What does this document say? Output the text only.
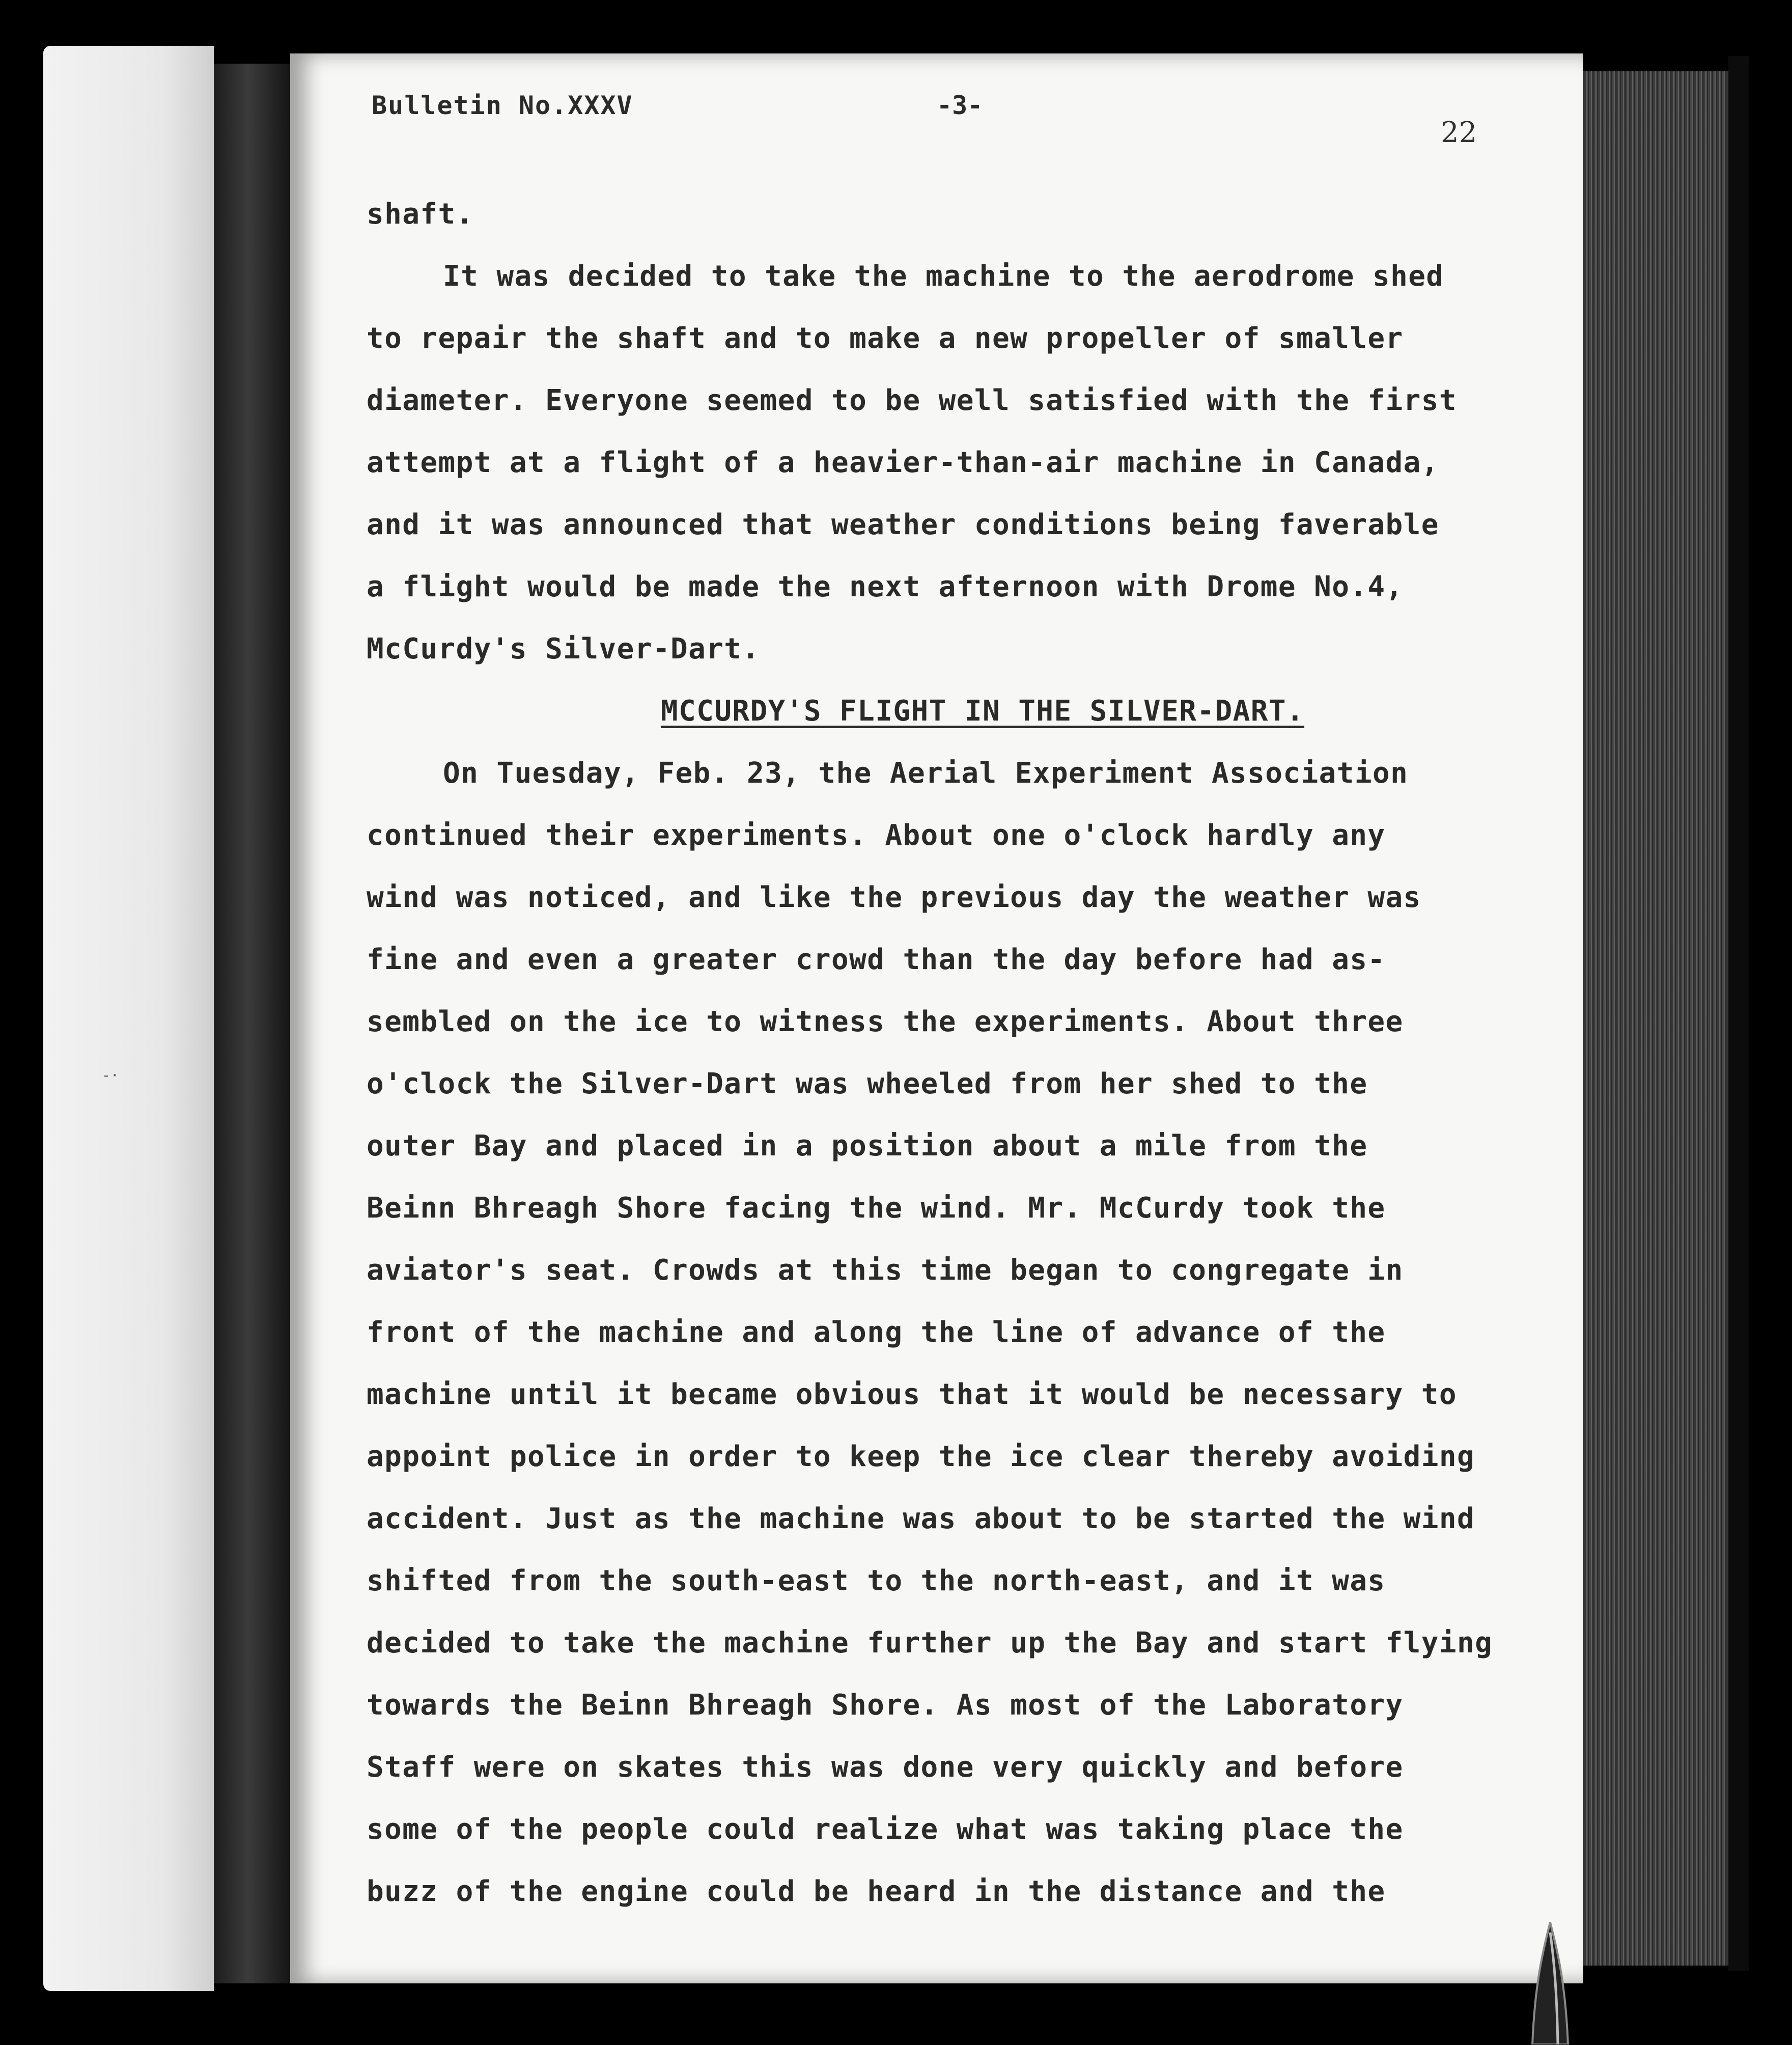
Bulletin No.XXXV	-3-
22
-·
shaft.
It was decided to take the machine to the aerodrome shed
to repair the shaft and to make a new propeller of smaller
diameter. Everyone seemed to be well satisfied with the first
attempt at a flight of a heavier-than-air machine in Canada,
and it was announced that weather conditions being faverable
a flight would be made the next afternoon with Drome No.4,
McCurdy's Silver-Dart.
MCCURDY'S FLIGHT IN THE SILVER-DART.
On Tuesday, Feb. 23, the Aerial Experiment Association
continued their experiments. About one o'clock hardly any
wind was noticed, and like the previous day the weather was
fine and even a greater crowd than the day before had as-
sembled on the ice to witness the experiments. About three
o'clock the Silver-Dart was wheeled from her shed to the
outer Bay and placed in a position about a mile from the
Beinn Bhreagh Shore facing the wind. Mr. McCurdy took the
aviator's seat. Crowds at this time began to congregate in
front of the machine and along the line of advance of the
machine until it became obvious that it would be necessary to
appoint police in order to keep the ice clear thereby avoiding
accident. Just as the machine was about to be started the wind
shifted from the south-east to the north-east, and it was
decided to take the machine further up the Bay and start flying
towards the Beinn Bhreagh Shore. As most of the Laboratory
Staff were on skates this was done very quickly and before
some of the people could realize what was taking place the
buzz of the engine could be heard in the distance and the
